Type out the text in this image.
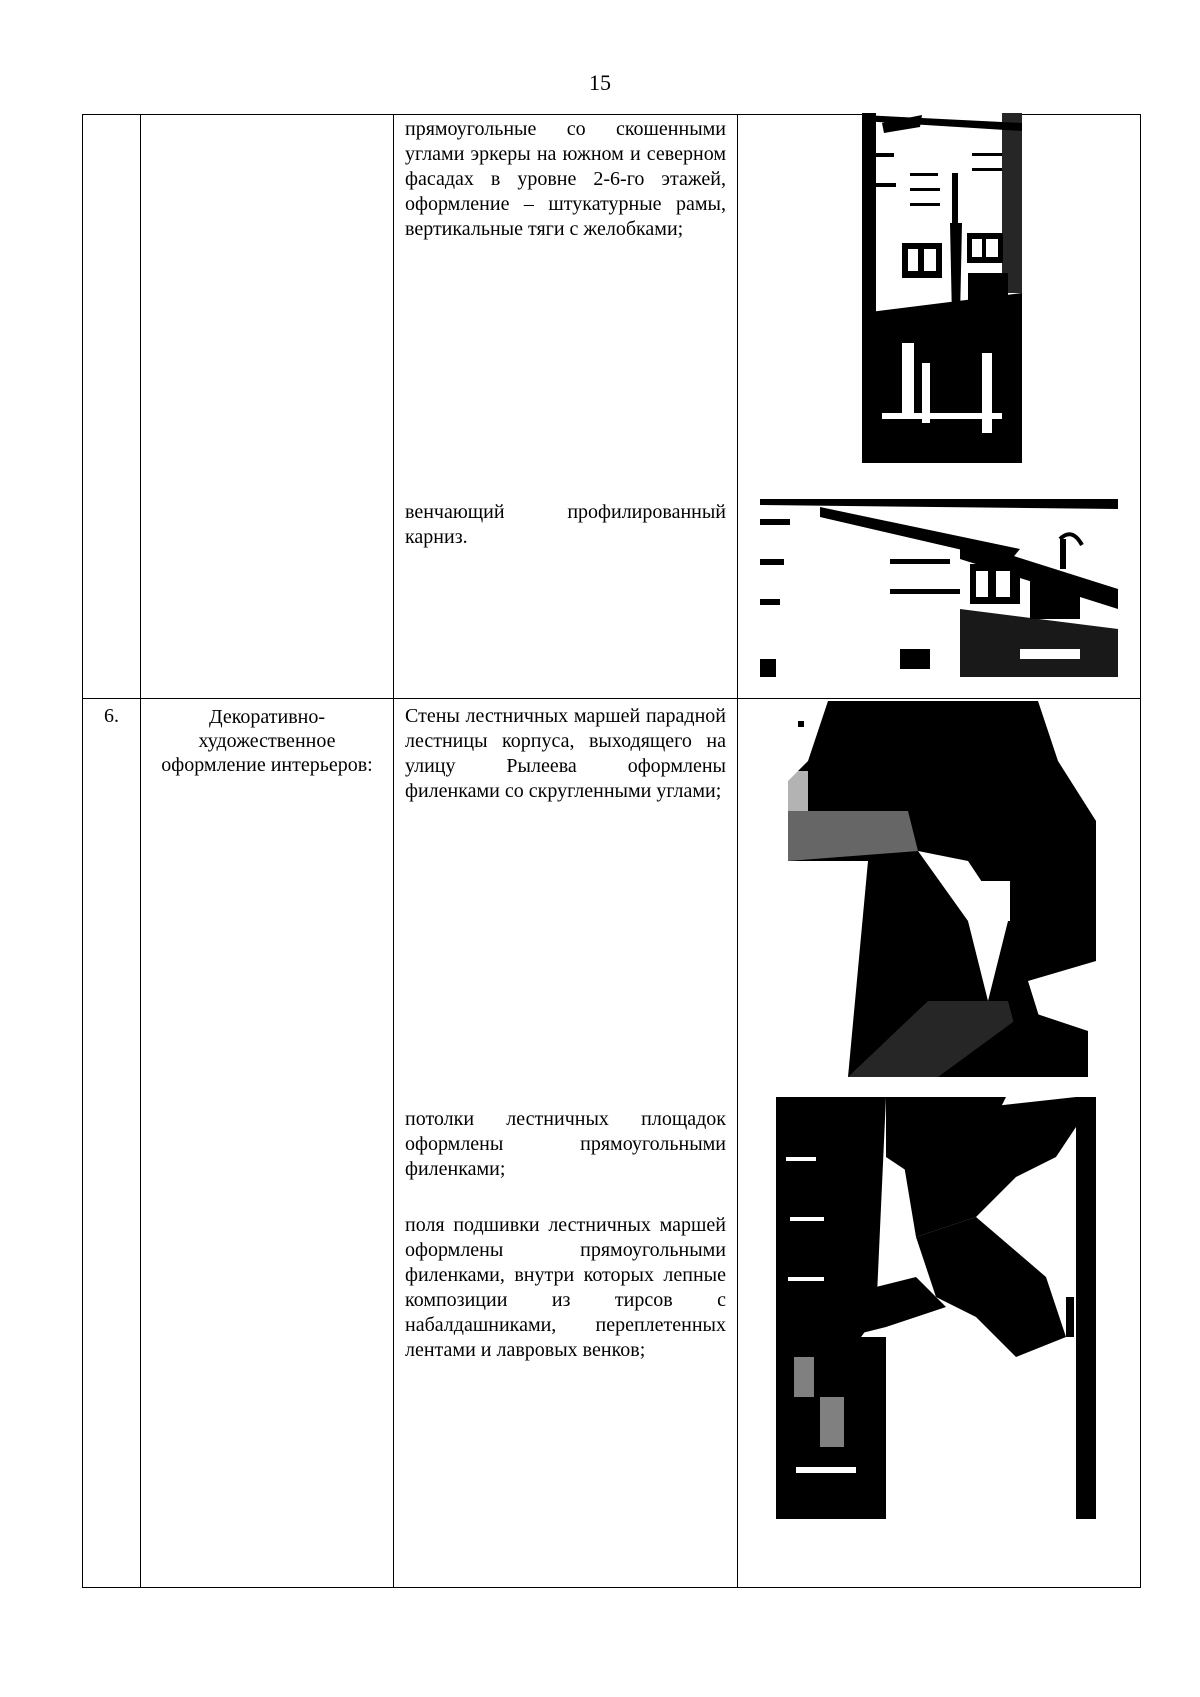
15

		прямоугольные со скошенными углами эркеры на южном и северном фасадах в уровне 2-6-го этажей, оформление – штукатурные рамы, вертикальные тяги с желобками;
венчающий профилированный карниз.

6.	Декоративно-художественное оформление интерьеров:	Стены лестничных маршей парадной лестницы корпуса, выходящего на улицу Рылеева оформлены филенками со скругленными углами;
потолки лестничных площадок оформлены прямоугольными филенками;
поля подшивки лестничных маршей оформлены прямоугольными филенками, внутри которых лепные композиции из тирсов с набалдашниками, переплетенных лентами и лавровых венков;
